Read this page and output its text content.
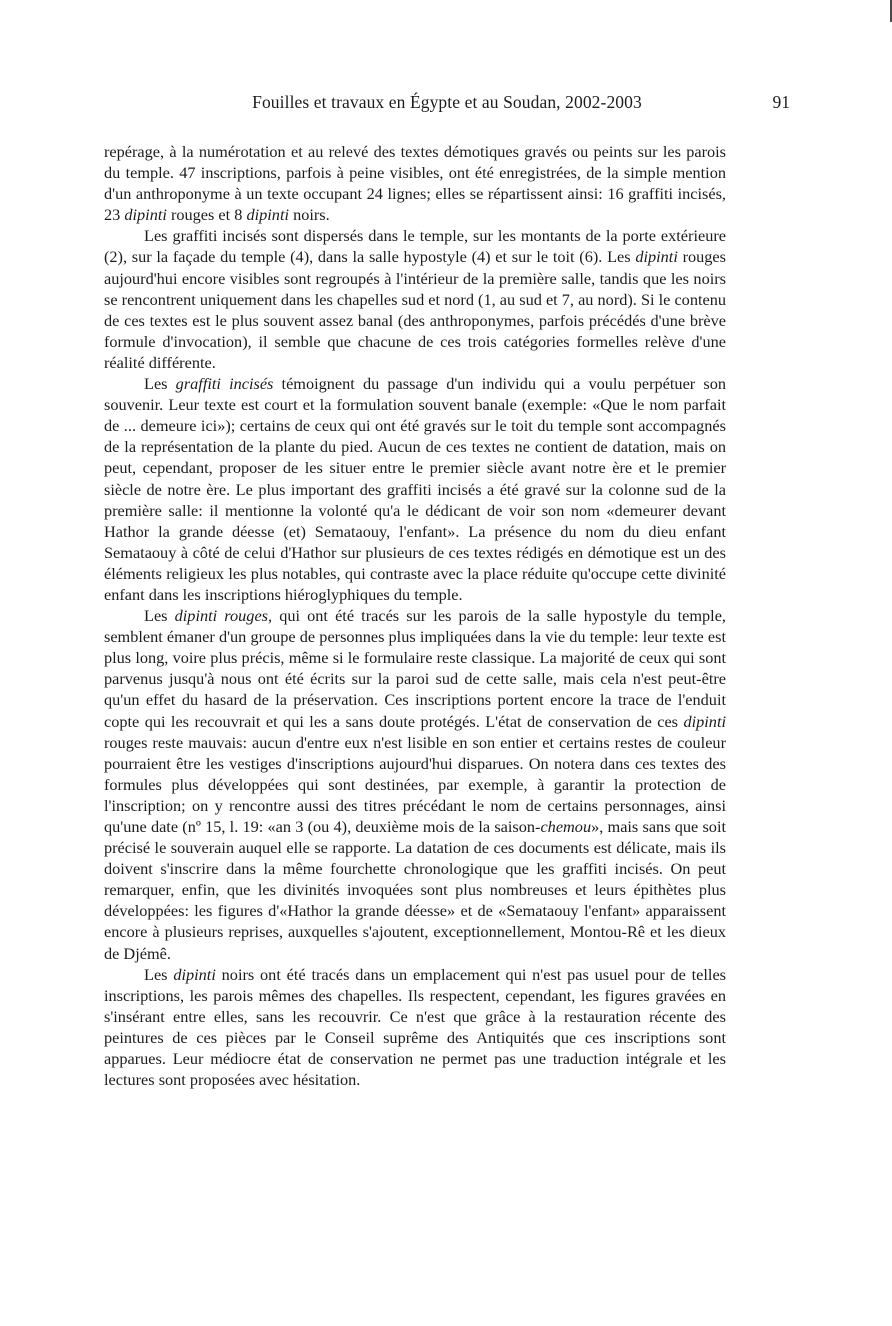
Fouilles et travaux en Égypte et au Soudan, 2002-2003	91

repérage, à la numérotation et au relevé des textes démotiques gravés ou peints sur les parois du temple. 47 inscriptions, parfois à peine visibles, ont été enregistrées, de la simple mention d'un anthroponyme à un texte occupant 24 lignes; elles se répartissent ainsi: 16 graffiti incisés, 23 dipinti rouges et 8 dipinti noirs.

Les graffiti incisés sont dispersés dans le temple, sur les montants de la porte extérieure (2), sur la façade du temple (4), dans la salle hypostyle (4) et sur le toit (6). Les dipinti rouges aujourd'hui encore visibles sont regroupés à l'intérieur de la première salle, tandis que les noirs se rencontrent uniquement dans les chapelles sud et nord (1, au sud et 7, au nord). Si le contenu de ces textes est le plus souvent assez banal (des anthroponymes, parfois précédés d'une brève formule d'invocation), il semble que chacune de ces trois catégories formelles relève d'une réalité différente.

Les graffiti incisés témoignent du passage d'un individu qui a voulu perpétuer son souvenir. Leur texte est court et la formulation souvent banale (exemple: «Que le nom parfait de ... demeure ici»); certains de ceux qui ont été gravés sur le toit du temple sont accompagnés de la représentation de la plante du pied. Aucun de ces textes ne contient de datation, mais on peut, cependant, proposer de les situer entre le premier siècle avant notre ère et le premier siècle de notre ère. Le plus important des graffiti incisés a été gravé sur la colonne sud de la première salle: il mentionne la volonté qu'a le dédicant de voir son nom «demeurer devant Hathor la grande déesse (et) Semataouy, l'enfant». La présence du nom du dieu enfant Semataouy à côté de celui d'Hathor sur plusieurs de ces textes rédigés en démotique est un des éléments religieux les plus notables, qui contraste avec la place réduite qu'occupe cette divinité enfant dans les inscriptions hiéroglyphiques du temple.

Les dipinti rouges, qui ont été tracés sur les parois de la salle hypostyle du temple, semblent émaner d'un groupe de personnes plus impliquées dans la vie du temple: leur texte est plus long, voire plus précis, même si le formulaire reste classique. La majorité de ceux qui sont parvenus jusqu'à nous ont été écrits sur la paroi sud de cette salle, mais cela n'est peut-être qu'un effet du hasard de la préservation. Ces inscriptions portent encore la trace de l'enduit copte qui les recouvrait et qui les a sans doute protégés. L'état de conservation de ces dipinti rouges reste mauvais: aucun d'entre eux n'est lisible en son entier et certains restes de couleur pourraient être les vestiges d'inscriptions aujourd'hui disparues. On notera dans ces textes des formules plus développées qui sont destinées, par exemple, à garantir la protection de l'inscription; on y rencontre aussi des titres précédant le nom de certains personnages, ainsi qu'une date (nº 15, l. 19: «an 3 (ou 4), deuxième mois de la saison-chemou», mais sans que soit précisé le souverain auquel elle se rapporte. La datation de ces documents est délicate, mais ils doivent s'inscrire dans la même fourchette chronologique que les graffiti incisés. On peut remarquer, enfin, que les divinités invoquées sont plus nombreuses et leurs épithètes plus développées: les figures d'«Hathor la grande déesse» et de «Semataouy l'enfant» apparaissent encore à plusieurs reprises, auxquelles s'ajoutent, exceptionnellement, Montou-Rê et les dieux de Djémê.

Les dipinti noirs ont été tracés dans un emplacement qui n'est pas usuel pour de telles inscriptions, les parois mêmes des chapelles. Ils respectent, cependant, les figures gravées en s'insérant entre elles, sans les recouvrir. Ce n'est que grâce à la restauration récente des peintures de ces pièces par le Conseil suprême des Antiquités que ces inscriptions sont apparues. Leur médiocre état de conservation ne permet pas une traduction intégrale et les lectures sont proposées avec hésitation.
